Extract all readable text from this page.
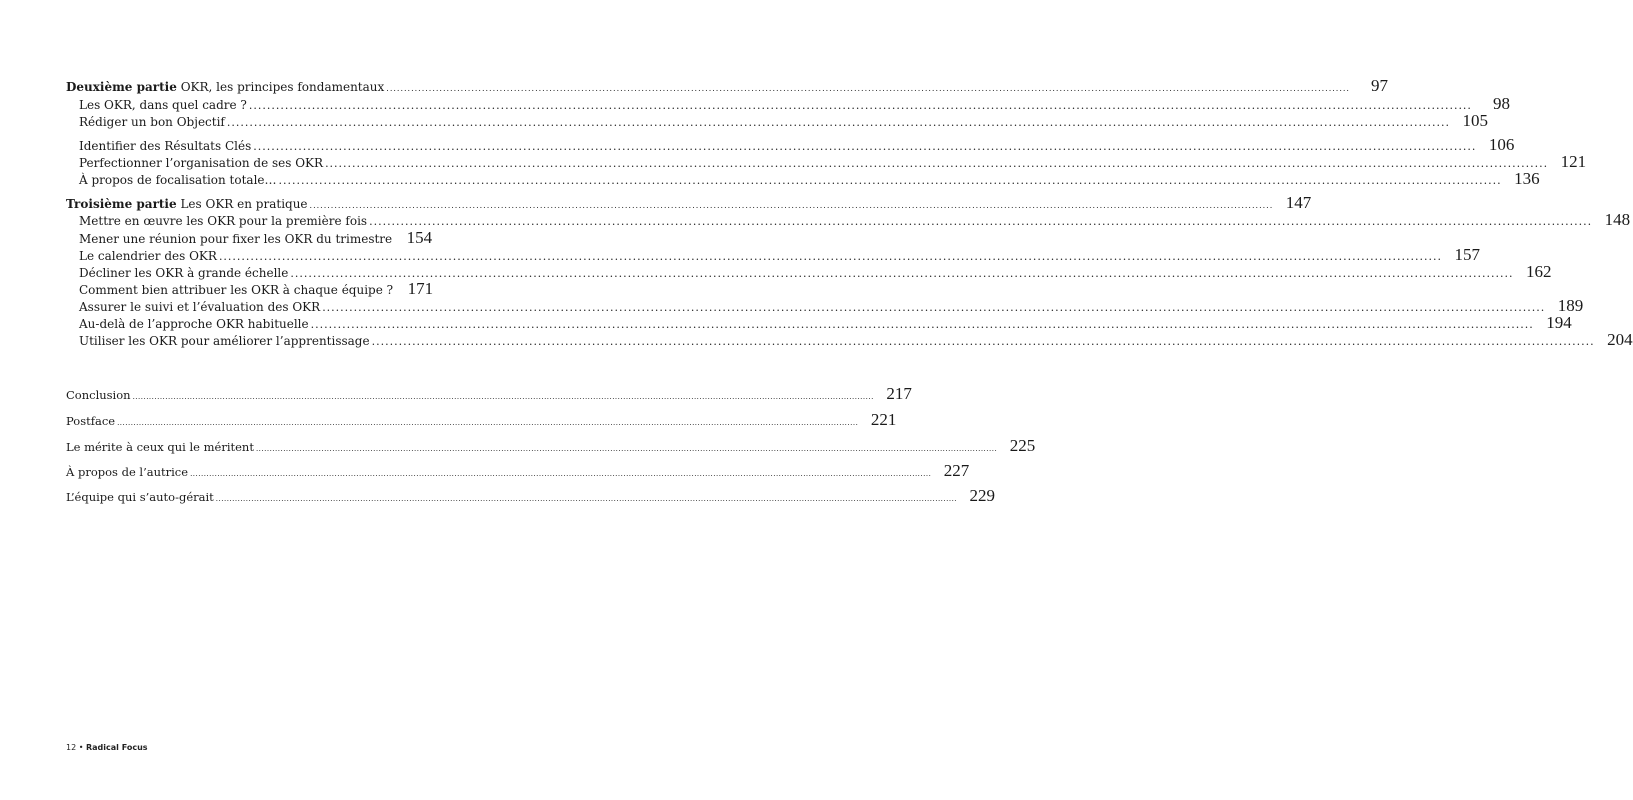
Deuxième partie OKR, les principes fondamentaux .....	97
Les OKR, dans quel cadre ? .....	98
Rédiger un bon Objectif .....	105
Identifier des Résultats Clés .....	106
Perfectionner l’organisation de ses OKR .....	121
À propos de focalisation totale… .....	136
Troisième partie Les OKR en pratique .....	147
Mettre en œuvre les OKR pour la première fois .....	148
Mener une réunion pour fixer les OKR du trimestre 154
Le calendrier des OKR .....	157
Décliner les OKR à grande échelle .....	162
Comment bien attribuer les OKR à chaque équipe ? 171
Assurer le suivi et l’évaluation des OKR .....	189
Au-delà de l’approche OKR habituelle .....	194
Utiliser les OKR pour améliorer l’apprentissage .....	204
Conclusion .....	217
Postface .....	221
Le mérite à ceux qui le méritent .....	225
À propos de l’autrice .....	227
L’équipe qui s’auto-gérait .....	229
12 • Radical Focus
